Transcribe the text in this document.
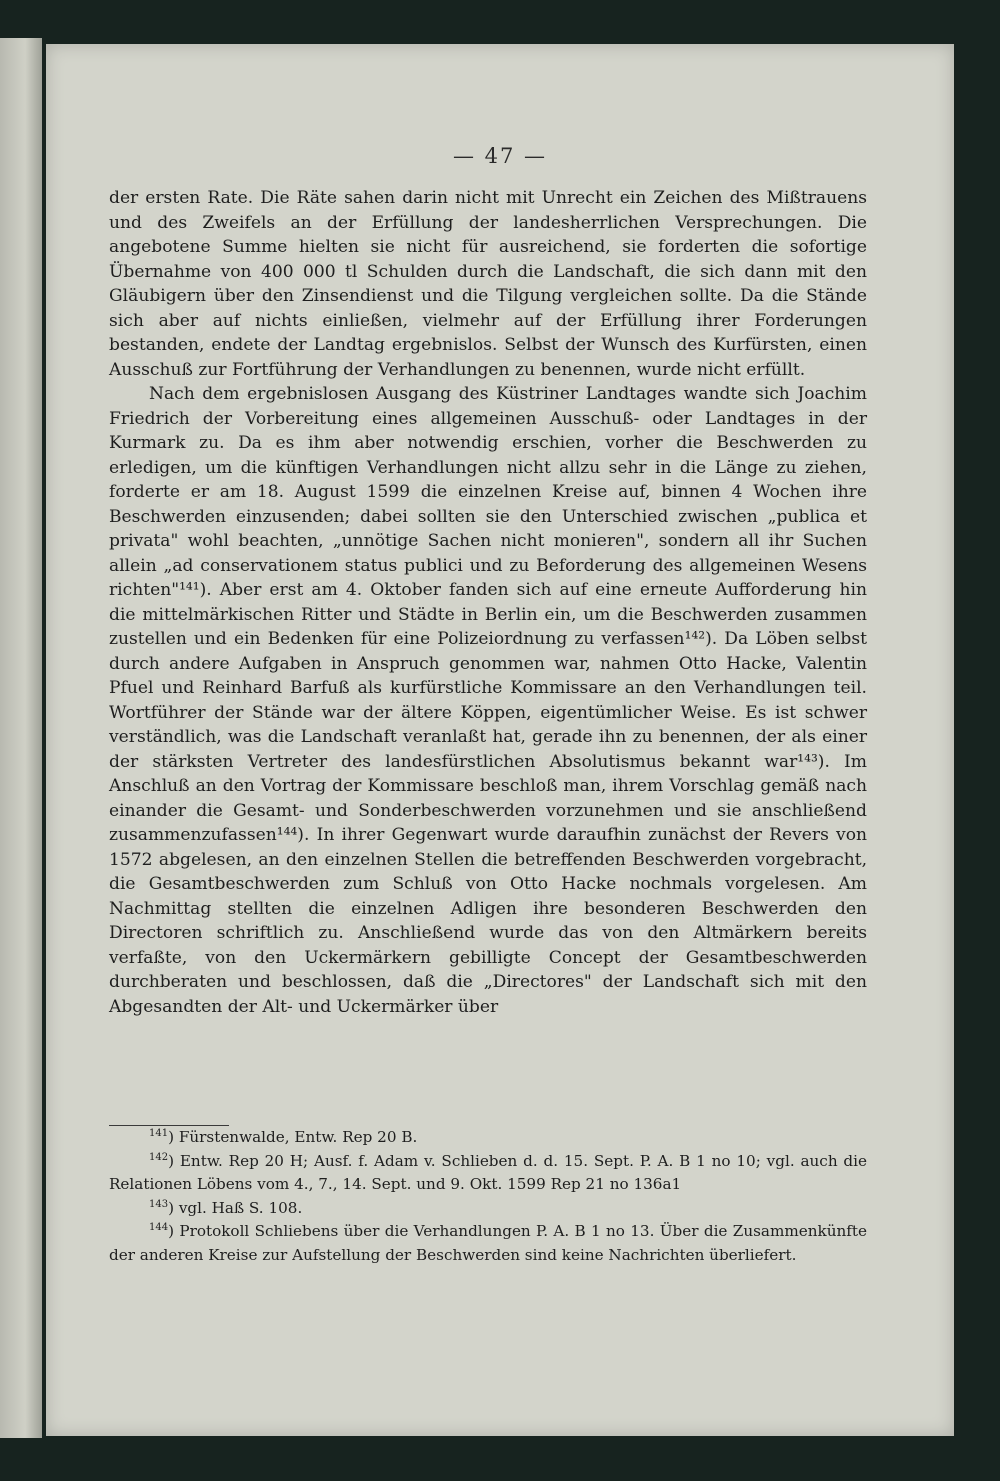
— 47 —

der ersten Rate. Die Räte sahen darin nicht mit Unrecht ein Zeichen des Mißtrauens und des Zweifels an der Erfüllung der landesherrlichen Versprechungen. Die angebotene Summe hielten sie nicht für ausreichend, sie forderten die sofortige Übernahme von 400 000 tl Schulden durch die Landschaft, die sich dann mit den Gläubigern über den Zinsendienst und die Tilgung vergleichen sollte. Da die Stände sich aber auf nichts einließen, vielmehr auf der Erfüllung ihrer Forderungen bestanden, endete der Landtag ergebnislos. Selbst der Wunsch des Kurfürsten, einen Ausschuß zur Fortführung der Verhandlungen zu benennen, wurde nicht erfüllt.

Nach dem ergebnislosen Ausgang des Küstriner Landtages wandte sich Joachim Friedrich der Vorbereitung eines allgemeinen Ausschuß- oder Landtages in der Kurmark zu. Da es ihm aber notwendig erschien, vorher die Beschwerden zu erledigen, um die künftigen Verhandlungen nicht allzu sehr in die Länge zu ziehen, forderte er am 18. August 1599 die einzelnen Kreise auf, binnen 4 Wochen ihre Beschwerden einzusenden; dabei sollten sie den Unterschied zwischen „publica et privata" wohl beachten, „unnötige Sachen nicht monieren", sondern all ihr Suchen allein „ad conservationem status publici und zu Beforderung des allgemeinen Wesens richten"¹⁴¹). Aber erst am 4. Oktober fanden sich auf eine erneute Aufforderung hin die mittelmärkischen Ritter und Städte in Berlin ein, um die Beschwerden zusammen zustellen und ein Bedenken für eine Polizeiordnung zu verfassen¹⁴²). Da Löben selbst durch andere Aufgaben in Anspruch genommen war, nahmen Otto Hacke, Valentin Pfuel und Reinhard Barfuß als kurfürstliche Kommissare an den Verhandlungen teil. Wortführer der Stände war der ältere Köppen, eigentümlicher Weise. Es ist schwer verständlich, was die Landschaft veranlaßt hat, gerade ihn zu benennen, der als einer der stärksten Vertreter des landesfürstlichen Absolutismus bekannt war¹⁴³). Im Anschluß an den Vortrag der Kommissare beschloß man, ihrem Vorschlag gemäß nach einander die Gesamt- und Sonderbeschwerden vorzunehmen und sie anschließend zusammenzufassen¹⁴⁴). In ihrer Gegenwart wurde daraufhin zunächst der Revers von 1572 abgelesen, an den einzelnen Stellen die betreffenden Beschwerden vorgebracht, die Gesamtbeschwerden zum Schluß von Otto Hacke nochmals vorgelesen. Am Nachmittag stellten die einzelnen Adligen ihre besonderen Beschwerden den Directoren schriftlich zu. Anschließend wurde das von den Altmärkern bereits verfaßte, von den Uckermärkern gebilligte Concept der Gesamtbeschwerden durchberaten und beschlossen, daß die „Directores" der Landschaft sich mit den Abgesandten der Alt- und Uckermärker über

$^{141}$) Fürstenwalde, Entw. Rep 20 B.

$^{142}$) Entw. Rep 20 H; Ausf. f. Adam v. Schlieben d. d. 15. Sept. P. A. B 1 no 10; vgl. auch die Relationen Löbens vom 4., 7., 14. Sept. und 9. Okt. 1599 Rep 21 no 136a1

$^{143}$) vgl. Haß S. 108.

$^{144}$) Protokoll Schliebens über die Verhandlungen P. A. B 1 no 13. Über die Zusammenkünfte der anderen Kreise zur Aufstellung der Beschwerden sind keine Nachrichten überliefert.
